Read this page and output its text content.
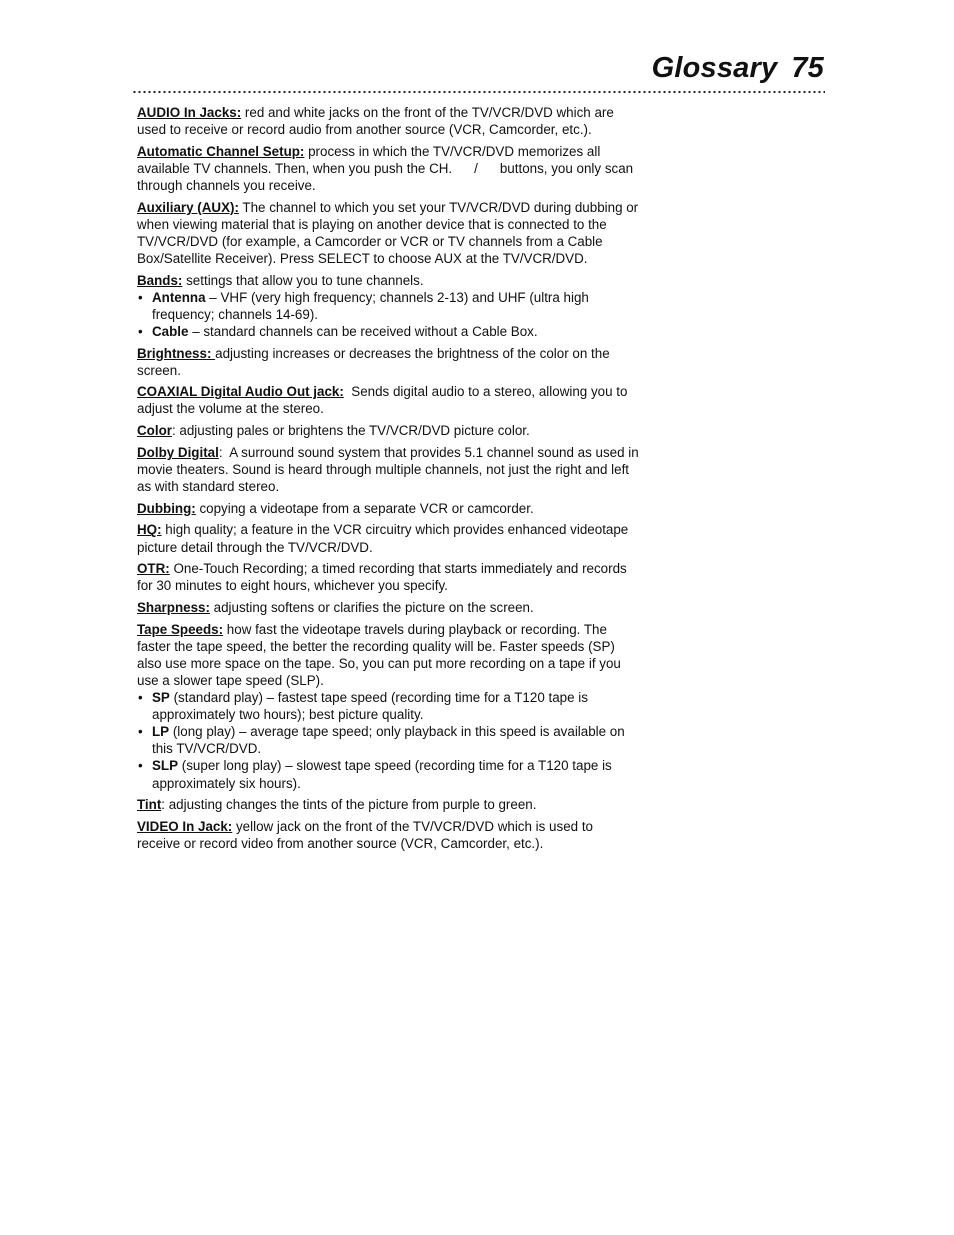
Glossary 75

AUDIO In Jacks: red and white jacks on the front of the TV/VCR/DVD which are used to receive or record audio from another source (VCR, Camcorder, etc.).

Automatic Channel Setup: process in which the TV/VCR/DVD memorizes all available TV channels. Then, when you push the CH. / buttons, you only scan through channels you receive.

Auxiliary (AUX): The channel to which you set your TV/VCR/DVD during dubbing or when viewing material that is playing on another device that is connected to the TV/VCR/DVD (for example, a Camcorder or VCR or TV channels from a Cable Box/Satellite Receiver). Press SELECT to choose AUX at the TV/VCR/DVD.

Bands: settings that allow you to tune channels.
• Antenna – VHF (very high frequency; channels 2-13) and UHF (ultra high frequency; channels 14-69).
• Cable – standard channels can be received without a Cable Box.

Brightness: adjusting increases or decreases the brightness of the color on the screen.

COAXIAL Digital Audio Out jack:  Sends digital audio to a stereo, allowing you to adjust the volume at the stereo.

Color: adjusting pales or brightens the TV/VCR/DVD picture color.

Dolby Digital:  A surround sound system that provides 5.1 channel sound as used in movie theaters. Sound is heard through multiple channels, not just the right and left as with standard stereo.

Dubbing: copying a videotape from a separate VCR or camcorder.

HQ: high quality; a feature in the VCR circuitry which provides enhanced videotape picture detail through the TV/VCR/DVD.

OTR: One-Touch Recording; a timed recording that starts immediately and records for 30 minutes to eight hours, whichever you specify.

Sharpness: adjusting softens or clarifies the picture on the screen.

Tape Speeds: how fast the videotape travels during playback or recording. The faster the tape speed, the better the recording quality will be. Faster speeds (SP) also use more space on the tape. So, you can put more recording on a tape if you use a slower tape speed (SLP).
• SP (standard play) – fastest tape speed (recording time for a T120 tape is approximately two hours); best picture quality.
• LP (long play) – average tape speed; only playback in this speed is available on this TV/VCR/DVD.
• SLP (super long play) – slowest tape speed (recording time for a T120 tape is approximately six hours).

Tint: adjusting changes the tints of the picture from purple to green.

VIDEO In Jack: yellow jack on the front of the TV/VCR/DVD which is used to receive or record video from another source (VCR, Camcorder, etc.).
